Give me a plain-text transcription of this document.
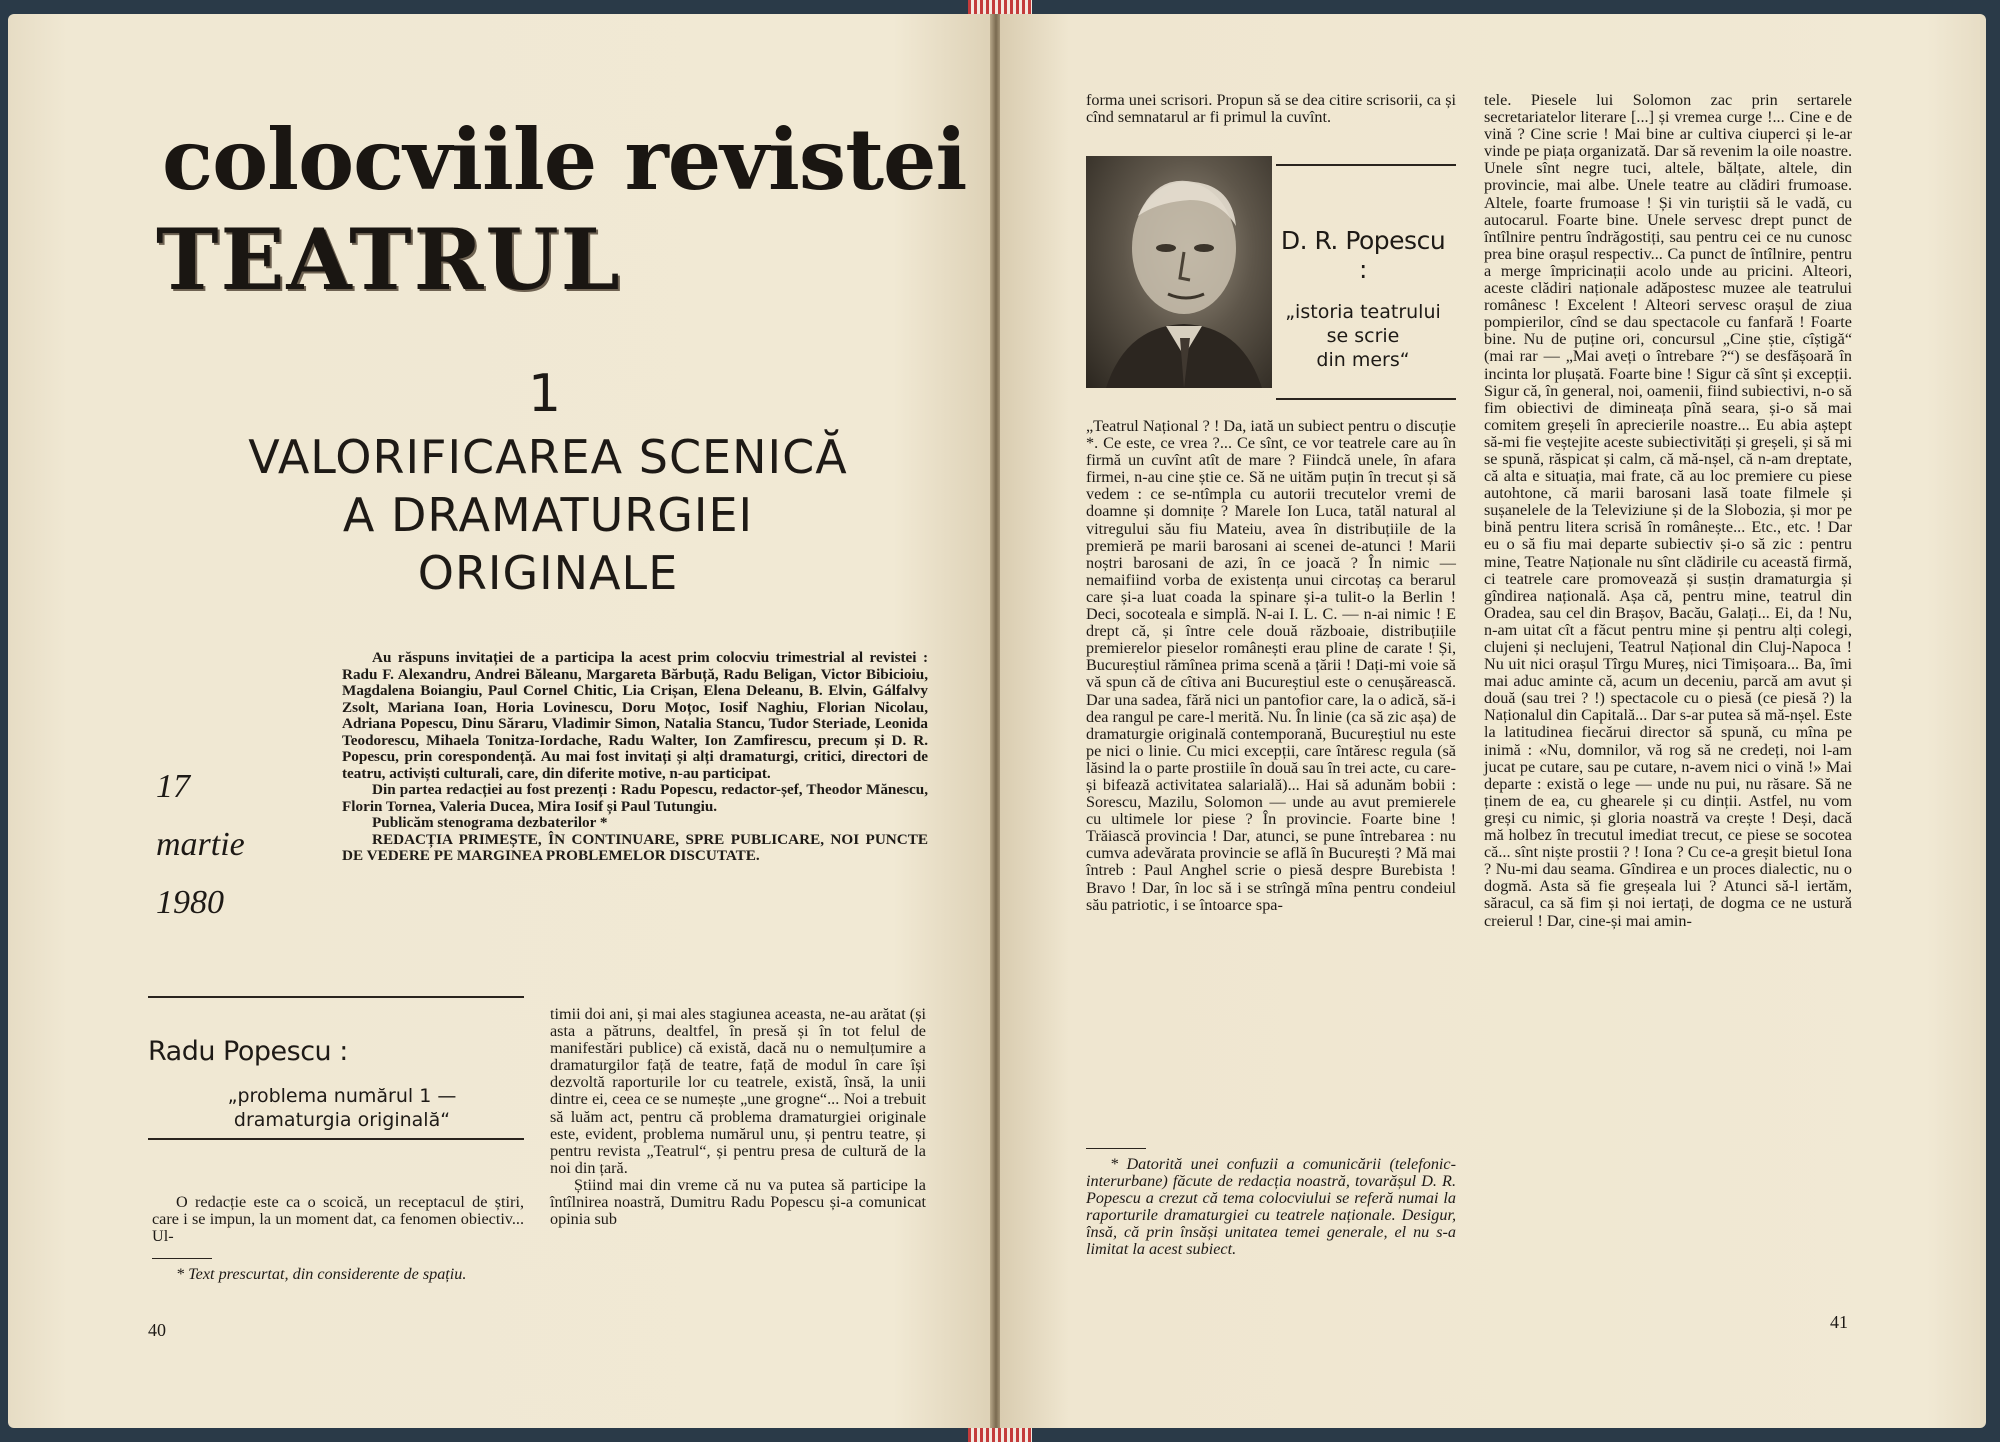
colocviile revistei
TEATRUL
1
VALORIFICAREA SCENICĂ
A DRAMATURGIEI
ORIGINALE
17
martie
1980

Au răspuns invitației de a participa la acest prim colocviu trimestrial al revistei : Radu F. Alexandru, Andrei Băleanu, Margareta Bărbuță, Radu Beligan, Victor Bibicioiu, Magdalena Boiangiu, Paul Cornel Chitic, Lia Crișan, Elena Deleanu, B. Elvin, Gálfalvy Zsolt, Mariana Ioan, Horia Lovinescu, Doru Moțoc, Iosif Naghiu, Florian Nicolau, Adriana Popescu, Dinu Săraru, Vladimir Simon, Natalia Stancu, Tudor Steriade, Leonida Teodorescu, Mihaela Tonitza-Iordache, Radu Walter, Ion Zamfirescu, precum și D. R. Popescu, prin corespondență. Au mai fost invitați și alți dramaturgi, critici, directori de teatru, activiști culturali, care, din diferite motive, n-au participat.

Din partea redacției au fost prezenți : Radu Popescu, redactor-șef, Theodor Mănescu, Florin Tornea, Valeria Ducea, Mira Iosif și Paul Tutungiu.

Publicăm stenograma dezbaterilor *

REDACȚIA PRIMEȘTE, ÎN CONTINUARE, SPRE PUBLICARE, NOI PUNCTE DE VEDERE PE MARGINEA PROBLEMELOR DISCUTATE.

Radu Popescu :
„problema numărul 1 —
dramaturgia originală“

O redacție este ca o scoică, un receptacul de știri, care i se impun, la un moment dat, ca fenomen obiectiv... Ul-

* Text prescurtat, din considerente de spațiu.

timii doi ani, și mai ales stagiunea aceasta, ne-au arătat (și asta a pătruns, dealtfel, în presă și în tot felul de manifestări publice) că există, dacă nu o nemulțumire a dramaturgilor față de teatre, față de modul în care își dezvoltă raporturile lor cu teatrele, există, însă, la unii dintre ei, ceea ce se numește „une grogne“... Noi a trebuit să luăm act, pentru că problema dramaturgiei originale este, evident, problema numărul unu, și pentru teatre, și pentru revista „Teatrul“, și pentru presa de cultură de la noi din țară.

Știind mai din vreme că nu va putea să participe la întîlnirea noastră, Dumitru Radu Popescu și-a comunicat opinia sub

40

forma unei scrisori. Propun să se dea citire scrisorii, ca și cînd semnatarul ar fi primul la cuvînt.

D. R. Popescu :
„istoria teatrului
se scrie
din mers“

„Teatrul Național ? ! Da, iată un subiect pentru o discuție *. Ce este, ce vrea ?... Ce sînt, ce vor teatrele care au în firmă un cuvînt atît de mare ? Fiindcă unele, în afara firmei, n-au cine știe ce. Să ne uităm puțin în trecut și să vedem : ce se-ntîmpla cu autorii trecutelor vremi de doamne și domnițe ? Marele Ion Luca, tatăl natural al vitregului său fiu Mateiu, avea în distribuțiile de la premieră pe marii barosani ai scenei de-atunci ! Marii noștri barosani de azi, în ce joacă ? În nimic — nemaifiind vorba de existența unui circotaș ca berarul care și-a luat coada la spinare și-a tulit-o la Berlin ! Deci, socoteala e simplă. N-ai I. L. C. — n-ai nimic ! E drept că, și între cele două războaie, distribuțiile premierelor pieselor românești erau pline de carate ! Și, Bucureștiul rămînea prima scenă a țării ! Dați-mi voie să vă spun că de cîtiva ani Bucureștiul este o cenușărească. Dar una sadea, fără nici un pantofior care, la o adică, să-i dea rangul pe care-l merită. Nu. În linie (ca să zic așa) de dramaturgie originală contemporană, Bucureștiul nu este pe nici o linie. Cu mici excepții, care întăresc regula (să lăsind la o parte prostiile în două sau în trei acte, cu care-și bifează activitatea salarială)... Hai să adunăm bobii : Sorescu, Mazilu, Solomon — unde au avut premierele cu ultimele lor piese ? În provincie. Foarte bine ! Trăiască provincia ! Dar, atunci, se pune întrebarea : nu cumva adevărata provincie se află în București ? Mă mai întreb : Paul Anghel scrie o piesă despre Burebista ! Bravo ! Dar, în loc să i se strîngă mîna pentru condeiul său patriotic, i se întoarce spa-

* Datorită unei confuzii a comunicării (telefonic-interurbane) făcute de redacția noastră, tovarășul D. R. Popescu a crezut că tema colocviului se referă numai la raporturile dramaturgiei cu teatrele naționale. Desigur, însă, că prin însăși unitatea temei generale, el nu s-a limitat la acest subiect.

tele. Piesele lui Solomon zac prin sertarele secretariatelor literare [...] și vremea curge !... Cine e de vină ? Cine scrie ! Mai bine ar cultiva ciuperci și le-ar vinde pe piața organizată. Dar să revenim la oile noastre. Unele sînt negre tuci, altele, bălțate, altele, din provincie, mai albe. Unele teatre au clădiri frumoase. Altele, foarte frumoase ! Și vin turiștii să le vadă, cu autocarul. Foarte bine. Unele servesc drept punct de întîlnire pentru îndrăgostiți, sau pentru cei ce nu cunosc prea bine orașul respectiv... Ca punct de întîlnire, pentru a merge împricinații acolo unde au pricini. Alteori, aceste clădiri naționale adăpostesc muzee ale teatrului românesc ! Excelent ! Alteori servesc orașul de ziua pompierilor, cînd se dau spectacole cu fanfară ! Foarte bine. Nu de puține ori, concursul „Cine știe, cîștigă“ (mai rar — „Mai aveți o întrebare ?“) se desfășoară în incinta lor plușată. Foarte bine ! Sigur că sînt și excepții. Sigur că, în general, noi, oamenii, fiind subiectivi, n-o să fim obiectivi de dimineața pînă seara, și-o să mai comitem greșeli în aprecierile noastre... Eu abia aștept să-mi fie veștejite aceste subiectivități și greșeli, și să mi se spună, răspicat și calm, că mă-nșel, că n-am dreptate, că alta e situația, mai frate, că au loc premiere cu piese autohtone, că marii barosani lasă toate filmele și sușanelele de la Televiziune și de la Slobozia, și mor pe bină pentru litera scrisă în românește... Etc., etc. ! Dar eu o să fiu mai departe subiectiv și-o să zic : pentru mine, Teatre Naționale nu sînt clădirile cu această firmă, ci teatrele care promovează și susțin dramaturgia și gîndirea națională. Așa că, pentru mine, teatrul din Oradea, sau cel din Brașov, Bacău, Galați... Ei, da ! Nu, n-am uitat cît a făcut pentru mine și pentru alți colegi, clujeni și neclujeni, Teatrul Național din Cluj-Napoca ! Nu uit nici orașul Tîrgu Mureș, nici Timișoara... Ba, îmi mai aduc aminte că, acum un deceniu, parcă am avut și două (sau trei ? !) spectacole cu o piesă (ce piesă ?) la Naționalul din Capitală... Dar s-ar putea să mă-nșel. Este la latitudinea fiecărui director să spună, cu mîna pe inimă : «Nu, domnilor, vă rog să ne credeți, noi l-am jucat pe cutare, sau pe cutare, n-avem nici o vină !» Mai departe : există o lege — unde nu pui, nu răsare. Să ne ținem de ea, cu ghearele și cu dinții. Astfel, nu vom greși cu nimic, și gloria noastră va crește ! Deși, dacă mă holbez în trecutul imediat trecut, ce piese se socotea că... sînt niște prostii ? ! Iona ? Cu ce-a greșit bietul Iona ? Nu-mi dau seama. Gîndirea e un proces dialectic, nu o dogmă. Asta să fie greșeala lui ? Atunci să-l iertăm, săracul, ca să fim și noi iertați, de dogma ce ne usturǎ creierul ! Dar, cine-și mai amin-

41
